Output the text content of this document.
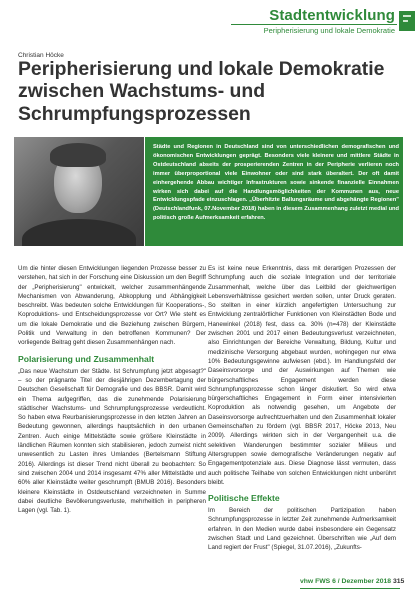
Stadtentwicklung
Peripherisierung und lokale Demokratie
Christian Höcke
Peripherisierung und lokale Demokratie zwischen Wachstums- und Schrumpfungsprozessen

Städte und Regionen in Deutschland sind von unterschiedlichen demografischen und ökonomischen Entwicklungen geprägt. Besonders viele kleinere und mittlere Städte in Ostdeutschland abseits der prosperierenden Zentren in der Peripherie verlieren noch immer überproportional viele Einwohner oder sind stark überaltert. Der oft damit einhergehende Abbau wichtiger Infrastrukturen sowie sinkende finanzielle Einnahmen wirken sich dabei auf die Handlungsmöglichkeiten der Kommunen aus, neue Entwicklungspfade einzuschlagen. „Überhitzte Ballungsräume und abgehängte Regionen" (Deutschlandfunk, 07.November 2018) haben in diesem Zusammenhang zuletzt medial und politisch große Aufmerksamkeit erfahren.

Um die hinter diesen Entwicklungen liegenden Prozesse besser zu verstehen, hat sich in der Forschung eine Diskussion um den Begriff der „Peripherisierung" entwickelt, welcher zusammenhängende Mechanismen von Abwanderung, Abkopplung und Abhängigkeit beschreibt. Was bedeuten solche Entwicklungen für Kooperations-, Koproduktions- und Entscheidungsprozesse vor Ort? Wie steht es um die lokale Demokratie und die Beziehung zwischen Bürgern, Politik und Verwaltung in den betroffenen Kommunen? Der vorliegende Beitrag geht diesen Zusammenhängen nach.

Polarisierung und Zusammenhalt

„Das neue Wachstum der Städte. Ist Schrumpfung jetzt abgesagt?" – so der prägnante Titel der diesjährigen Dezembertagung der Deutschen Gesellschaft für Demografie und des BBSR. Damit wird ein Thema aufgegriffen, das die zunehmende Polarisierung städtischer Wachstums- und Schrumpfungsprozesse verdeutlicht. So haben etwa Reurbanisierungsprozesse in den letzten Jahren an Bedeutung gewonnen, allerdings hauptsächlich in den urbanen Zentren. Auch einige Mittelstädte sowie größere Kleinstädte in ländlichen Räumen konnten sich stabilisieren, jedoch zumeist nicht unwesentlich zu Lasten ihres Umlandes (Bertelsmann Stiftung 2016). Allerdings ist dieser Trend nicht überall zu beobachten: So sind zwischen 2004 und 2014 insgesamt 47% aller Mittelstädte und 60% aller Kleinstädte weiter geschrumpft (BMUB 2016). Besonders kleinere Kleinstädte in Ostdeutschland verzeichneten in Summe dabei deutliche Bevölkerungsverluste, mehrheitlich in peripheren Lagen (vgl. Tab. 1).

Es ist keine neue Erkenntnis, dass mit derartigen Prozessen der Schrumpfung auch die soziale Integration und der territoriale Zusammenhalt, welche über das Leitbild der gleichwertigen Lebensverhältnisse gesichert werden sollen, unter Druck geraten. So stellten in einer kürzlich angefertigten Untersuchung zur Entwicklung zentralörtlicher Funktionen von Kleinstädten Bode und Hanewinkel (2018) fest, dass ca. 30% (n=478) der Kleinstädte zwischen 2001 und 2017 einen Bedeutungsverlust verzeichneten, also Einrichtungen der Bereiche Verwaltung, Bildung, Kultur und medizinische Versorgung abgebaut wurden, wohingegen nur etwa 10% Bedeutungsgewinne aufwiesen (ebd.). Im Handlungsfeld der Daseinsvorsorge und der Auswirkungen auf Themen wie bürgerschaftliches Engagement werden diese Schrumpfungsprozesse schon länger diskutiert. So wird etwa bürgerschaftliches Engagement in Form einer intensivierten Koproduktion als notwendig gesehen, um Angebote der Daseinsvorsorge aufrechtzuerhalten und den Zusammenhalt lokaler Gemeinschaften zu fördern (vgl. BBSR 2017, Höcke 2013, Neu 2009). Allerdings wirkten sich in der Vergangenheit u.a. die selektiven Wanderungen bestimmter sozialer Milieus und Altersgruppen sowie demografische Veränderungen negativ auf Engagementpotenziale aus. Diese Diagnose lässt vermuten, dass auch politische Teilhabe von solchen Entwicklungen nicht unberührt bleibt.

Politische Effekte

Im Bereich der politischen Partizipation haben Schrumpfungsprozesse in letzter Zeit zunehmende Aufmerksamkeit erfahren. In den Medien wurde dabei insbesondere ein Gegensatz zwischen Stadt und Land gezeichnet. Überschriften wie „Auf dem Land regiert der Frust" (Spiegel, 31.07.2016), „Zukunfts-

vhw FWS 6 / Dezember 2018 315
